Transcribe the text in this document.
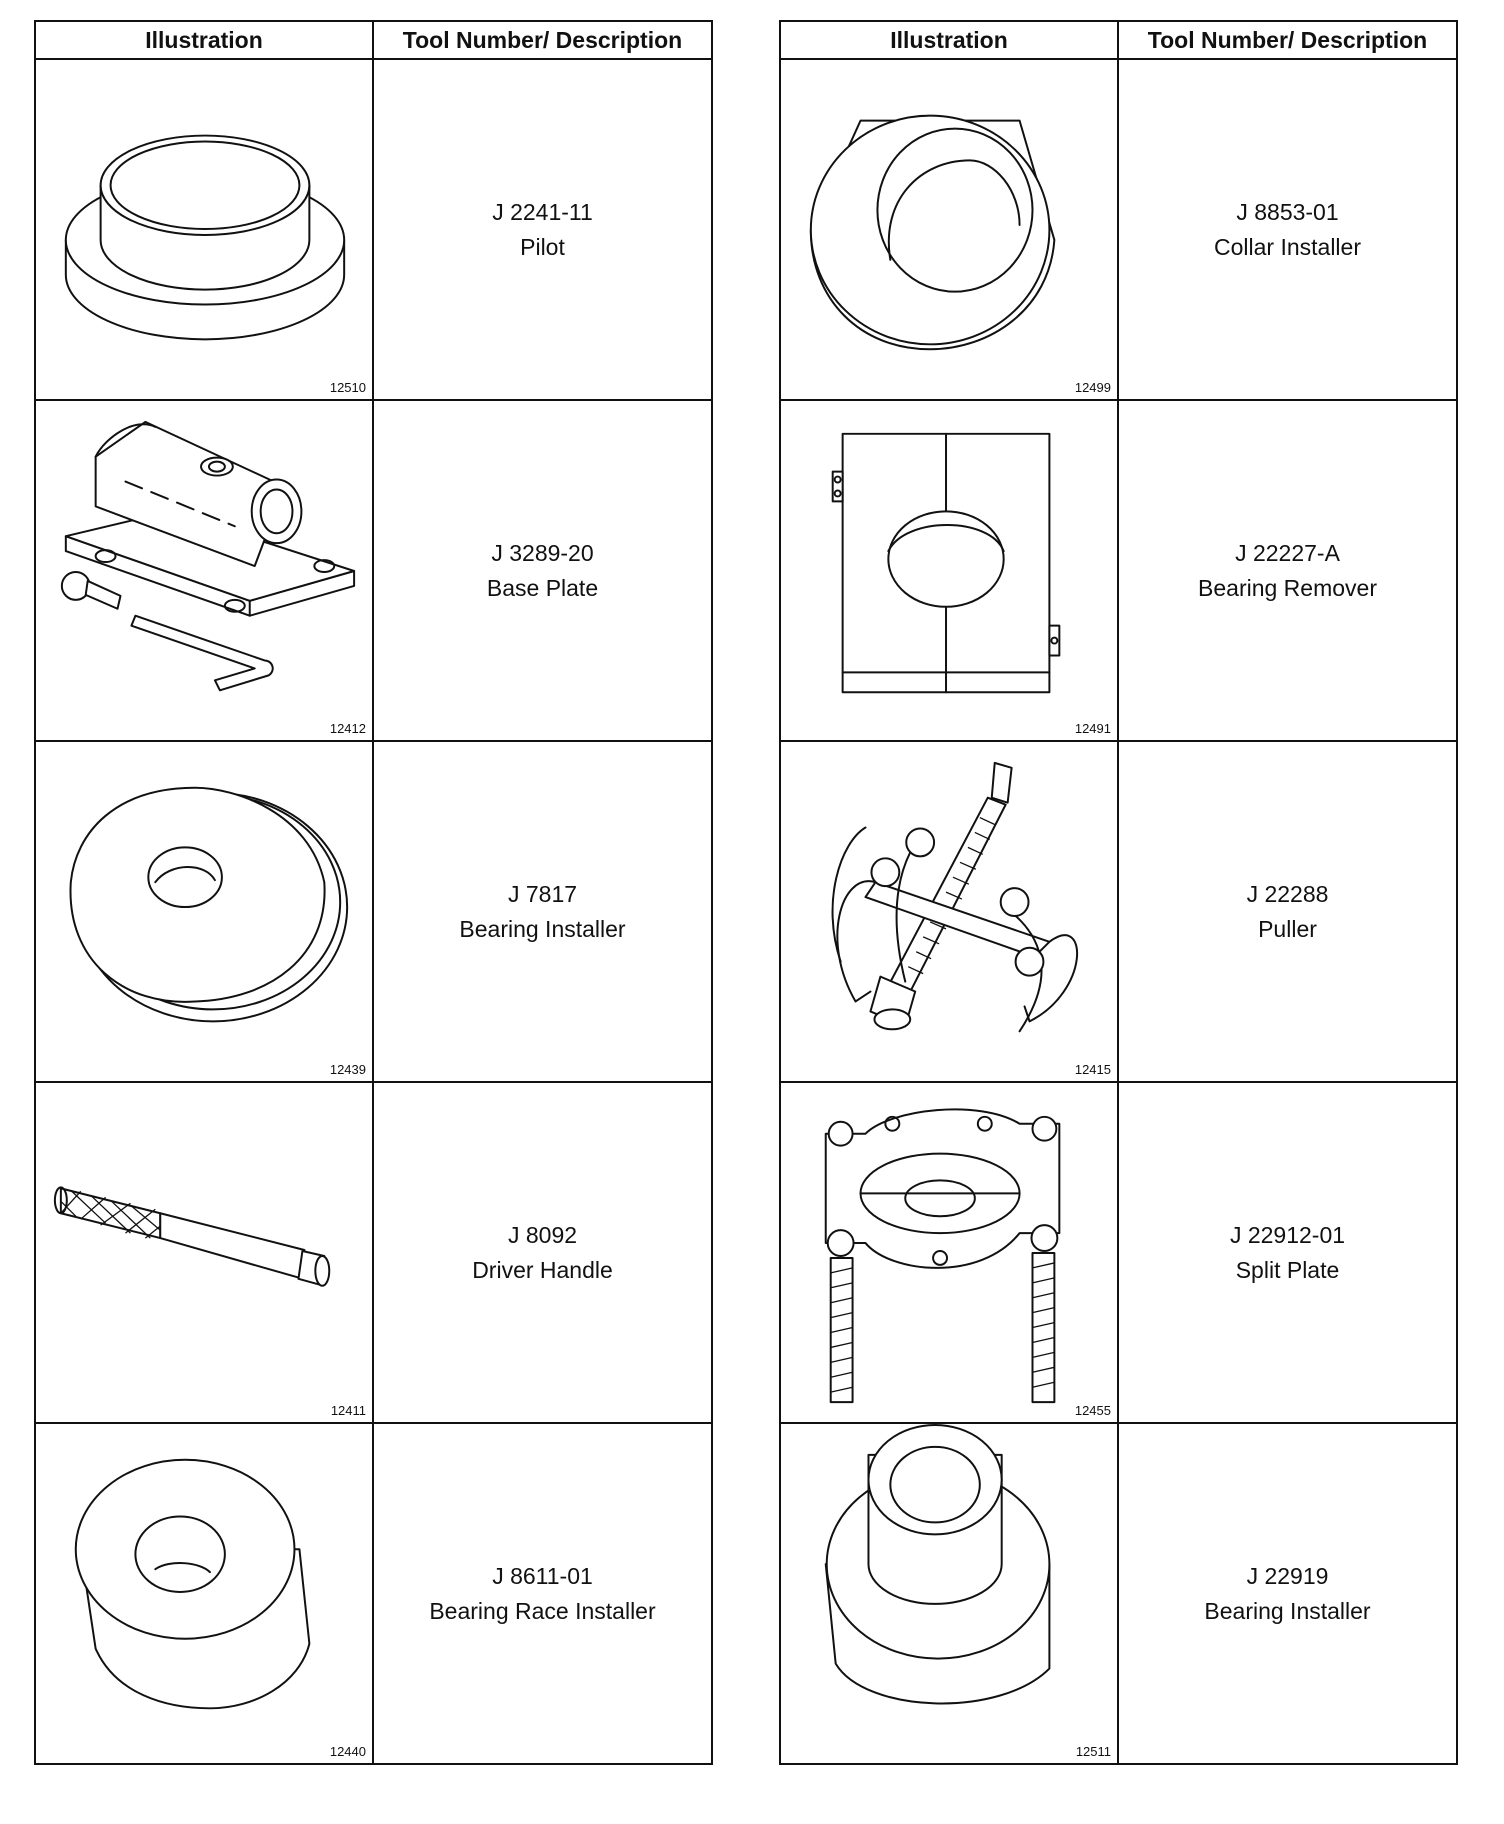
Illustration	Tool Number/ Description

12510	J 2241-11
Pilot

12412	J 3289-20
Base Plate

12439	J 7817
Bearing Installer

12411	J 8092
Driver Handle

12440	J 8611-01
Bearing Race Installer
Illustration	Tool Number/ Description

12499	J 8853-01
Collar Installer

12491	J 22227-A
Bearing Remover

12415	J 22288
Puller

12455	J 22912-01
Split Plate

12511	J 22919
Bearing Installer
